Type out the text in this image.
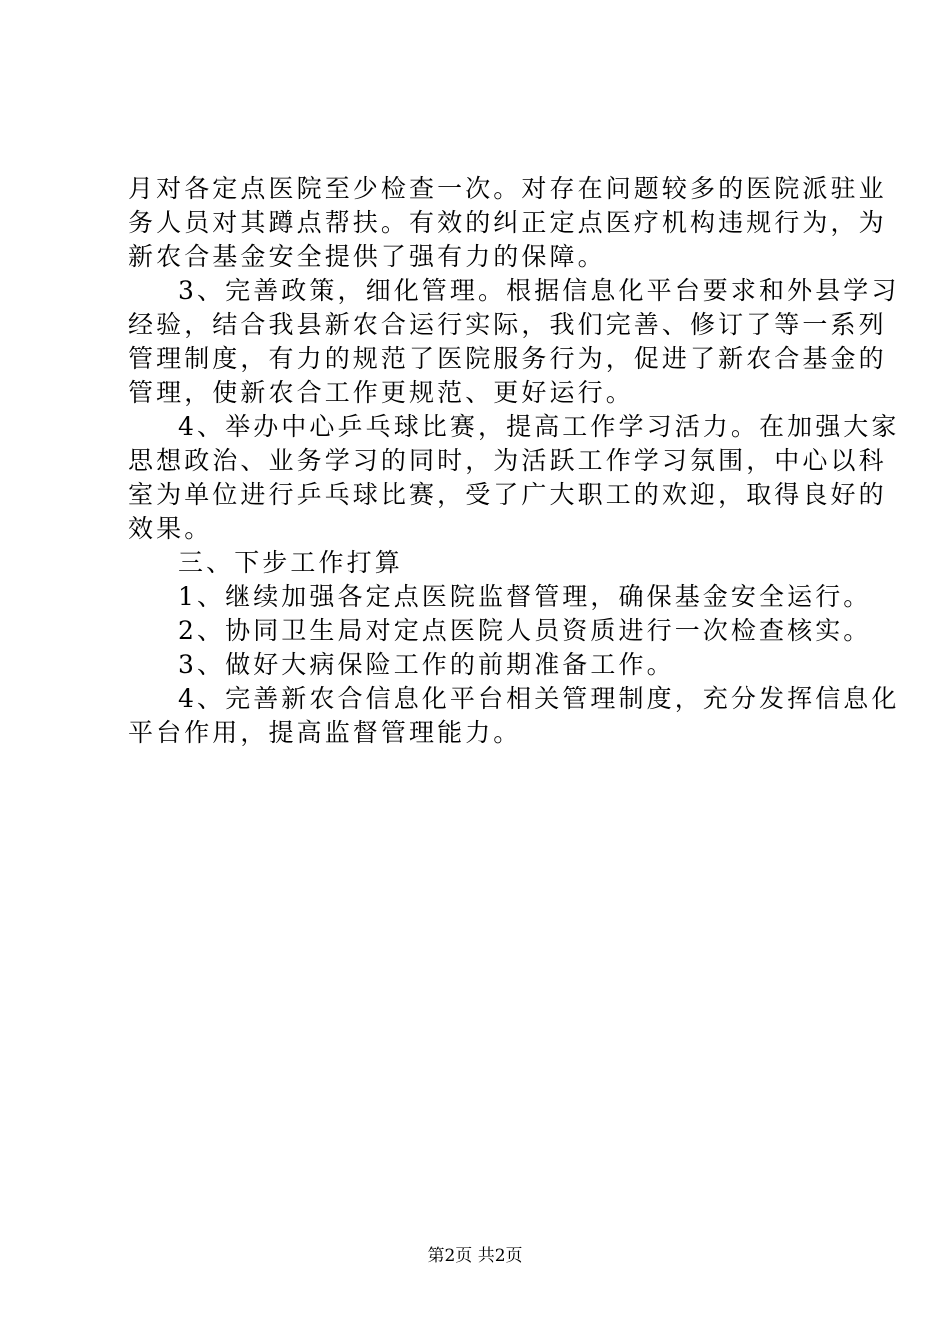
月对各定点医院至少检查一次。对存在问题较多的医院派驻业
务人员对其蹲点帮扶。有效的纠正定点医疗机构违规行为，为
新农合基金安全提供了强有力的保障。
3、完善政策，细化管理。根据信息化平台要求和外县学习
经验，结合我县新农合运行实际，我们完善、修订了等一系列
管理制度，有力的规范了医院服务行为，促进了新农合基金的
管理，使新农合工作更规范、更好运行。
4、举办中心乒乓球比赛，提高工作学习活力。在加强大家
思想政治、业务学习的同时，为活跃工作学习氛围，中心以科
室为单位进行乒乓球比赛，受了广大职工的欢迎，取得良好的
效果。
三、下步工作打算
1、继续加强各定点医院监督管理，确保基金安全运行。
2、协同卫生局对定点医院人员资质进行一次检查核实。
3、做好大病保险工作的前期准备工作。
4、完善新农合信息化平台相关管理制度，充分发挥信息化
平台作用，提高监督管理能力。
第2页 共2页
